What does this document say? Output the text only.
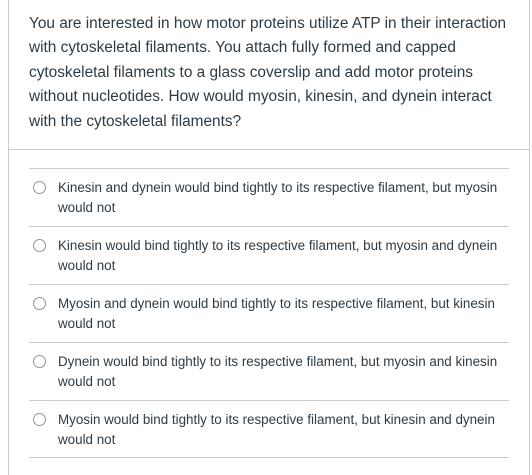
You are interested in how motor proteins utilize ATP in their interaction with cytoskeletal filaments. You attach fully formed and capped cytoskeletal filaments to a glass coverslip and add motor proteins without nucleotides. How would myosin, kinesin, and dynein interact with the cytoskeletal filaments?

Kinesin and dynein would bind tightly to its respective filament, but myosin would not
Kinesin would bind tightly to its respective filament, but myosin and dynein would not
Myosin and dynein would bind tightly to its respective filament, but kinesin would not
Dynein would bind tightly to its respective filament, but myosin and kinesin would not
Myosin would bind tightly to its respective filament, but kinesin and dynein would not
